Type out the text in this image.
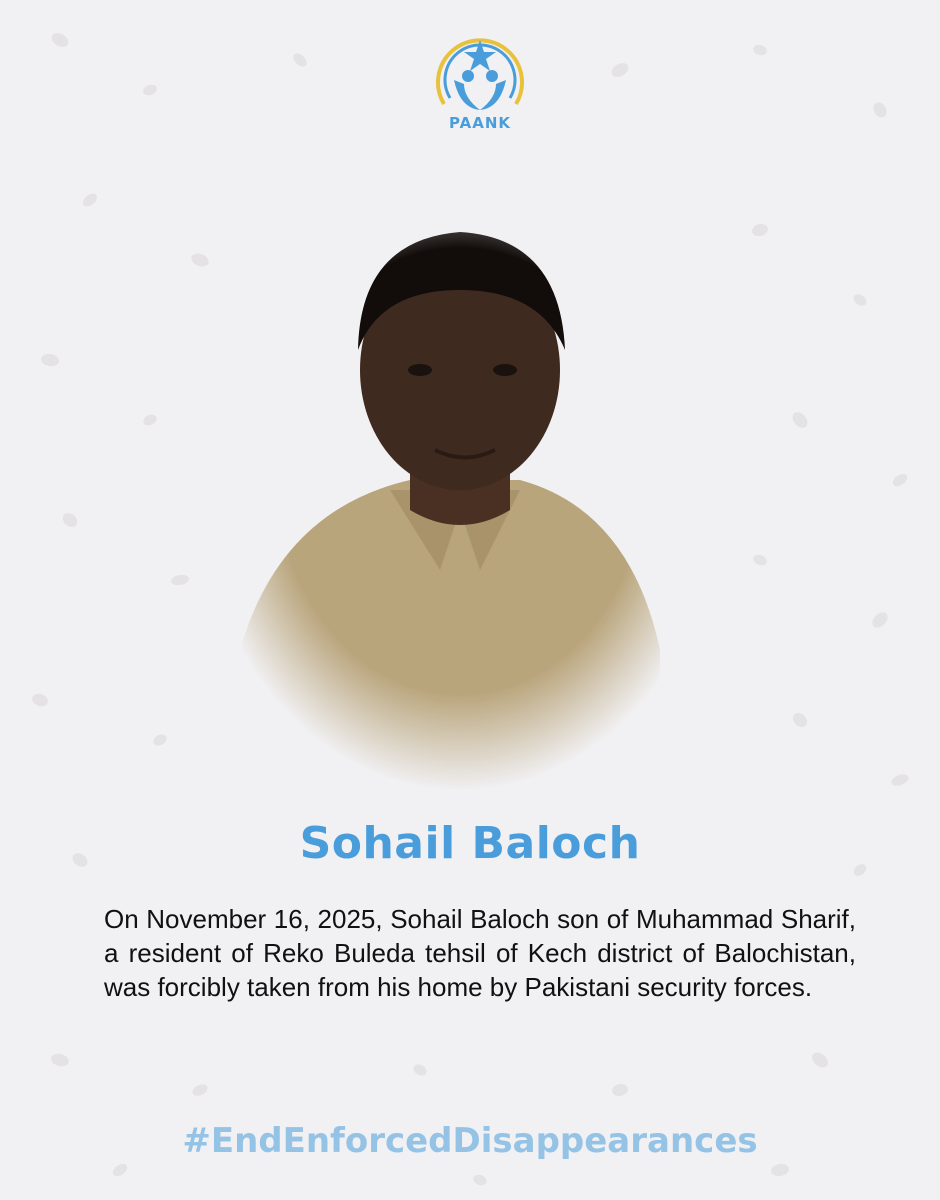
PAANK
Sohail Baloch
On November 16, 2025, Sohail Baloch son of Muhammad Sharif, a resident of Reko Buleda tehsil of Kech district of Balochistan, was forcibly taken from his home by Pakistani security forces.
#EndEnforcedDisappearances
